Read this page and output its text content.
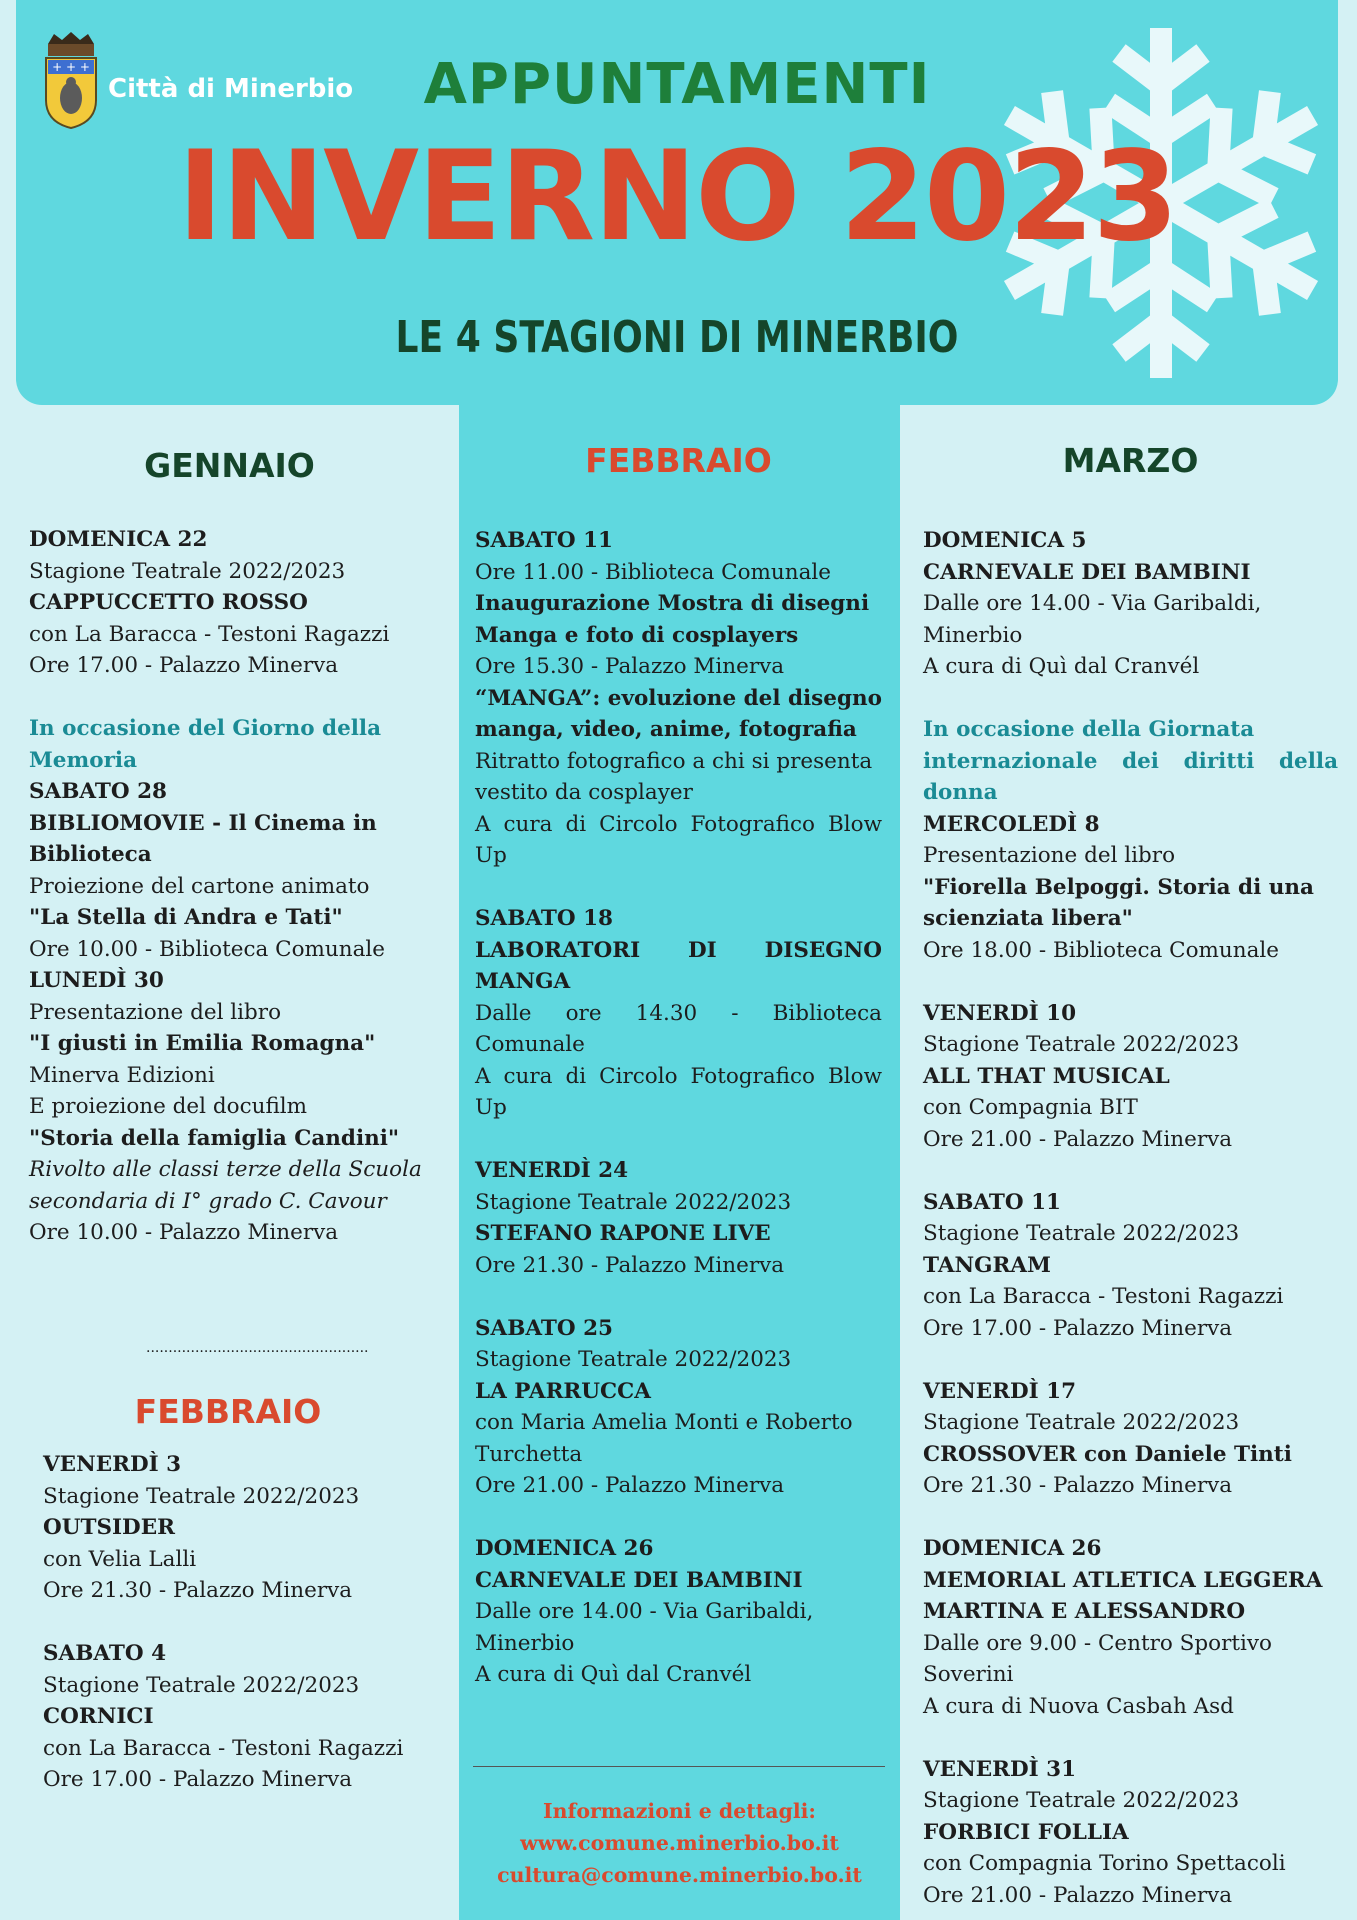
+ + +
Città di Minerbio	APPUNTAMENTI
INVERNO 2023
LE 4 STAGIONI DI MINERBIO
GENNAIO
DOMENICA 22
Stagione Teatrale 2022/2023
CAPPUCCETTO ROSSO
con La Baracca - Testoni Ragazzi
Ore 17.00 - Palazzo Minerva
In occasione del Giorno della
Memoria
SABATO 28
BIBLIOMOVIE - Il Cinema in
Biblioteca
Proiezione del cartone animato
"La Stella di Andra e Tati"
Ore 10.00 - Biblioteca Comunale
LUNEDÌ 30
Presentazione del libro
"I giusti in Emilia Romagna"
Minerva Edizioni
E proiezione del docufilm
"Storia della famiglia Candini"
Rivolto alle classi terze della Scuola
secondaria di I° grado C. Cavour
Ore 10.00 - Palazzo Minerva
..................................................
FEBBRAIO
VENERDÌ 3
Stagione Teatrale 2022/2023
OUTSIDER
con Velia Lalli
Ore 21.30 - Palazzo Minerva
SABATO 4
Stagione Teatrale 2022/2023
CORNICI
con La Baracca - Testoni Ragazzi
Ore 17.00 - Palazzo Minerva
FEBBRAIO
SABATO 11
Ore 11.00 - Biblioteca Comunale
Inaugurazione Mostra di disegni
Manga e foto di cosplayers
Ore 15.30 - Palazzo Minerva
“MANGA”: evoluzione del disegno
manga, video, anime, fotografia
Ritratto fotografico a chi si presenta
vestito da cosplayer
A cura di Circolo Fotografico Blow Up
SABATO 18
LABORATORI DI DISEGNO MANGA
Dalle ore 14.30 - Biblioteca Comunale
A cura di Circolo Fotografico Blow Up
VENERDÌ 24
Stagione Teatrale 2022/2023
STEFANO RAPONE LIVE
Ore 21.30 - Palazzo Minerva
SABATO 25
Stagione Teatrale 2022/2023
LA PARRUCCA
con Maria Amelia Monti e Roberto
Turchetta
Ore 21.00 - Palazzo Minerva
DOMENICA 26
CARNEVALE DEI BAMBINI
Dalle ore 14.00 - Via Garibaldi,
Minerbio
A cura di Quì dal Cranvél
MARZO
DOMENICA 5
CARNEVALE DEI BAMBINI
Dalle ore 14.00 - Via Garibaldi,
Minerbio
A cura di Quì dal Cranvél
In occasione della Giornata
internazionale dei diritti della donna
MERCOLEDÌ 8
Presentazione del libro
"Fiorella Belpoggi. Storia di una
scienziata libera"
Ore 18.00 - Biblioteca Comunale
VENERDÌ 10
Stagione Teatrale 2022/2023
ALL THAT MUSICAL
con Compagnia BIT
Ore 21.00 - Palazzo Minerva
SABATO 11
Stagione Teatrale 2022/2023
TANGRAM
con La Baracca - Testoni Ragazzi
Ore 17.00 - Palazzo Minerva
VENERDÌ 17
Stagione Teatrale 2022/2023
CROSSOVER con Daniele Tinti
Ore 21.30 - Palazzo Minerva
DOMENICA 26
MEMORIAL ATLETICA LEGGERA
MARTINA E ALESSANDRO
Dalle ore 9.00 - Centro Sportivo
Soverini
A cura di Nuova Casbah Asd
VENERDÌ 31
Stagione Teatrale 2022/2023
FORBICI FOLLIA
con Compagnia Torino Spettacoli
Ore 21.00 - Palazzo Minerva
Informazioni e dettagli:
www.comune.minerbio.bo.it
cultura@comune.minerbio.bo.it
